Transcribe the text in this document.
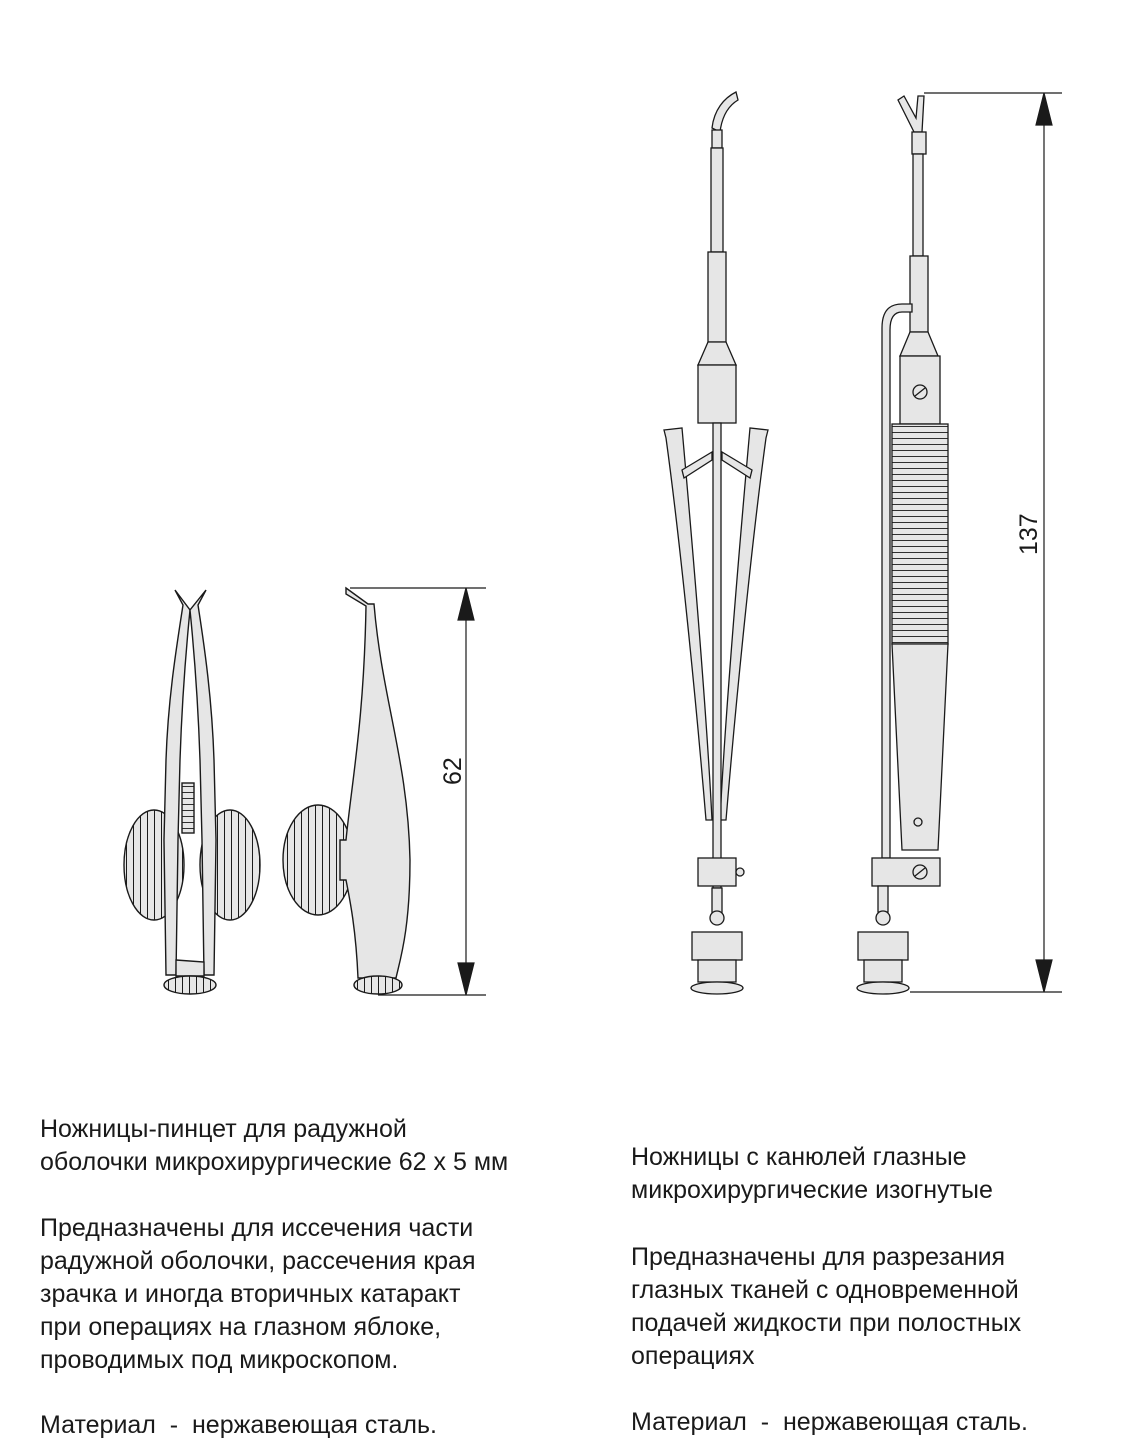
62
137
Ножницы-пинцет для радужной
оболочки микрохирургические 62 х 5 мм
Предназначены для иссечения части
радужной оболочки, рассечения края
зрачка и иногда вторичных катаракт
при операциях на глазном яблоке,
проводимых под микроскопом.
Материал  -  нержавеющая сталь.
Ножницы с канюлей глазные
микрохирургические изогнутые
Предназначены для разрезания
глазных тканей с одновременной
подачей жидкости при полостных
операциях
Материал  -  нержавеющая сталь.
